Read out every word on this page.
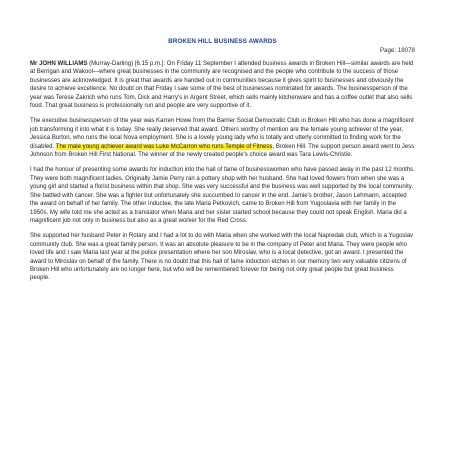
BROKEN HILL BUSINESS AWARDS

Page: 18078

Mr JOHN WILLIAMS (Murray-Darling) [6.15 p.m.]: On Friday 11 September I attended business awards in Broken Hill—similar awards are held at Berrigan and Wakool—where great businesses in the community are recognised and the people who contribute to the success of those businesses are acknowledged. It is great that awards are handed out in communities because it gives spirit to businesses and obviously the desire to achieve excellence. No doubt on that Friday I saw some of the best of businesses nominated for awards. The businessperson of the year was Terese Zakrich who runs Tom, Dick and Harry's in Argent Street, which sells mainly kitchenware and has a coffee outlet that also sells food. That great business is professionally run and people are very supportive of it.

The executive businessperson of the year was Karren Howe from the Barrier Social Democratic Club in Broken Hill who has done a magnificent job transforming it into what it is today. She really deserved that award. Others worthy of mention are the female young achiever of the year, Jessica Burton, who runs the local Nova employment. She is a lovely young lady who is totally and utterly committed to finding work for the disabled. The male young achiever award was Luke McCarron who runs Temple of Fitness, Broken Hill. The support person award went to Jess Johnson from Broken Hill First National. The winner of the newly created people's choice award was Tara Lewis-Christie.

I had the honour of presenting some awards for induction into the hall of fame of businesswomen who have passed away in the past 12 months. They were both magnificent ladies. Originally Jamie Perry ran a pottery shop with her husband. She had loved flowers from when she was a young girl and started a florist business within that shop. She was very successful and the business was well supported by the local community. She battled with cancer. She was a fighter but unfortunately she succumbed to cancer in the end. Jamie's brother, Jason Lehmann, accepted the award on behalf of her family. The other inductee, the late Maria Petkovich, came to Broken Hill from Yugoslavia with her family in the 1950s. My wife told me she acted as a translator when Maria and her sister started school because they could not speak English. Maria did a magnificent job not only in business but also as a great worker for the Red Cross.

She supported her husband Peter in Rotary and I had a lot to do with Maria when she worked with the local Napredak club, which is a Yugoslav community club. She was a great family person. It was an absolute pleasure to be in the company of Peter and Maria. They were people who loved life and I saw Maria last year at the police presentation where her son Miroslav, who is a local detective, got an award. I presented the award to Miroslav on behalf of the family. There is no doubt that this hall of fame induction etches in our memory two very valuable citizens of Broken Hill who unfortunately are no longer here, but who will be remembered forever for being not only great people but great business people.
